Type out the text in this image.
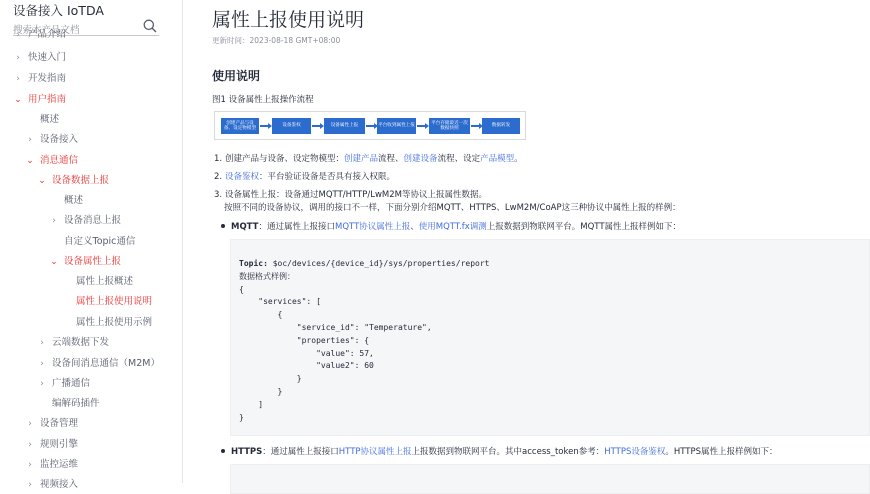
设备接入 IoTDA
搜索本产品文档
› 产品介绍
› 快速入门
› 开发指南
⌄ 用户指南
概述
› 设备接入
⌄ 消息通信
⌄ 设备数据上报
概述
› 设备消息上报
自定义Topic通信
⌄ 设备属性上报
属性上报概述
属性上报使用说明
属性上报使用示例
› 云端数据下发
› 设备间消息通信（M2M）
› 广播通信
编解码插件
› 设备管理
› 规则引擎
› 监控运维
› 视频接入
属性上报使用说明
更新时间：2023-08-18 GMT+08:00
使用说明
图1 设备属性上报操作流程
创建产品与设备、设定物模型
设备鉴权	设备属性上报	平台收到属性上报
平台存储最近一次数据快照
数据转发
1. 创建产品与设备、设定物模型：创建产品流程、创建设备流程、设定产品模型。
2. 设备鉴权：平台验证设备是否具有接入权限。
3. 设备属性上报：设备通过MQTT/HTTP/LwM2M等协议上报属性数据。
按照不同的设备协议，调用的接口不一样，下面分别介绍MQTT、HTTPS、LwM2M/CoAP这三种协议中属性上报的样例：
MQTT：通过属性上报接口MQTT协议属性上报、使用MQTT.fx调测上报数据到物联网平台。MQTT属性上报样例如下：
Topic: $oc/devices/{device_id}/sys/properties/report
数据格式样例：
{
"services": [
{
"service_id": "Temperature",
"properties": {
"value": 57,
"value2": 60
}
}
]
}
HTTPS：通过属性上报接口HTTP协议属性上报上报数据到物联网平台。其中access_token参考：HTTPS设备鉴权。HTTPS属性上报样例如下：
